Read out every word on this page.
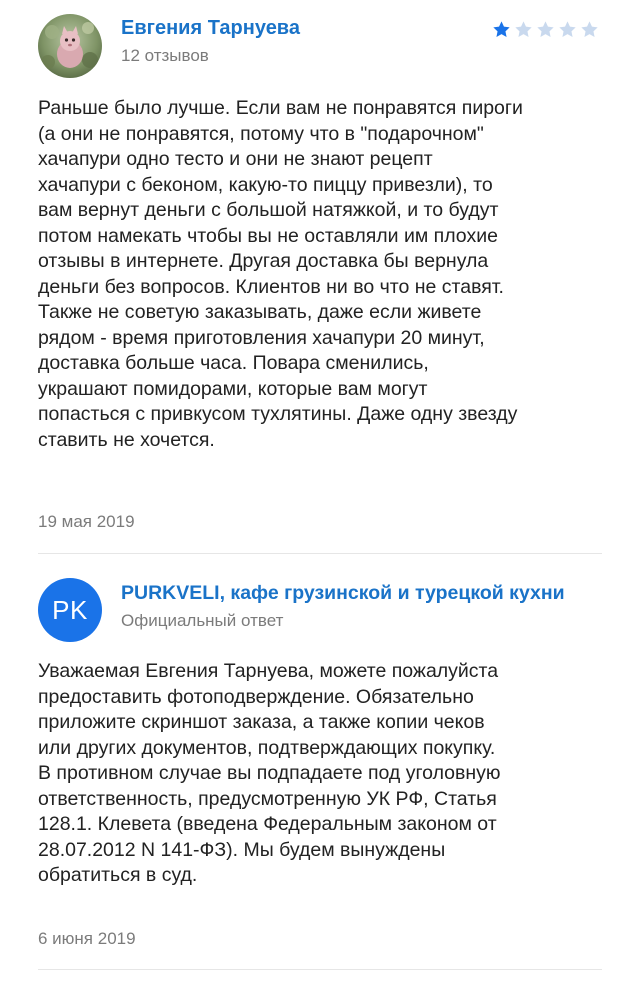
Евгения Тарнуева
12 отзывов
Раньше было лучше. Если вам не понравятся пироги
(а они не понравятся, потому что в "подарочном"
хачапури одно тесто и они не знают рецепт
хачапури с беконом, какую-то пиццу привезли), то
вам вернут деньги с большой натяжкой, и то будут
потом намекать чтобы вы не оставляли им плохие
отзывы в интернете. Другая доставка бы вернула
деньги без вопросов. Клиентов ни во что не ставят.
Также не советую заказывать, даже если живете
рядом - время приготовления хачапури 20 минут,
доставка больше часа. Повара сменились,
украшают помидорами, которые вам могут
попасться с привкусом тухлятины. Даже одну звезду
ставить не хочется.
19 мая 2019
PK
PURKVELI, кафе грузинской и турецкой кухни
Официальный ответ
Уважаемая Евгения Тарнуева, можете пожалуйста
предоставить фотоподверждение. Обязательно
приложите скриншот заказа, а также копии чеков
или других документов, подтверждающих покупку.
В противном случае вы подпадаете под уголовную
ответственность, предусмотренную УК РФ, Статья
128.1. Клевета (введена Федеральным законом от
28.07.2012 N 141-ФЗ). Мы будем вынуждены
обратиться в суд.
6 июня 2019
